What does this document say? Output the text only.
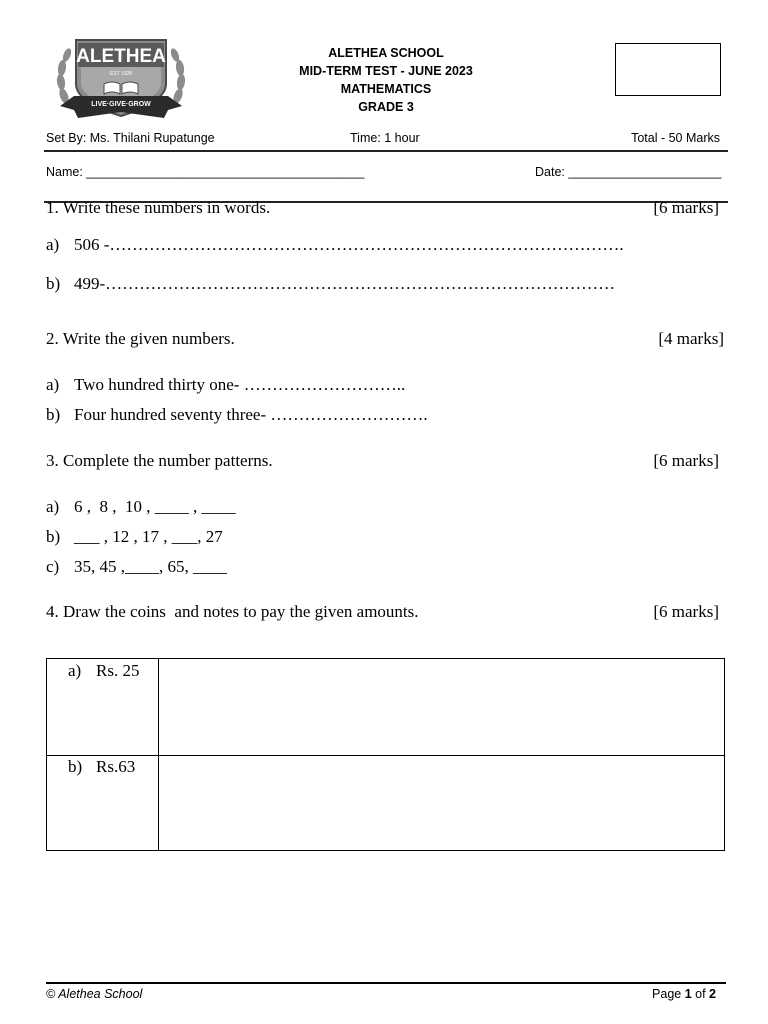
ALETHEA
EST 1928
LIVE·GIVE·GROW
ALETHEA SCHOOL
MID-TERM TEST - JUNE 2023
MATHEMATICS
GRADE 3
Set By: Ms. Thilani Rupatunge	Time: 1 hour	Total - 50 Marks
Name: ________________________________________	Date: ______________________
1. Write these numbers in words.	[6 marks]
a) 506 -……………………………………………………………………………….
b) 499-………………………………………………………………………………
2. Write the given numbers.	[4 marks]
a) Two hundred thirty one- ………………………..
b) Four hundred seventy three- ……………………….
3. Complete the number patterns.	[6 marks]
a) 6 ,  8 ,  10 , ____ , ____
b) ___ , 12 , 17 , ___, 27
c) 35, 45 ,____, 65, ____
4. Draw the coins  and notes to pay the given amounts.	[6 marks]
a) Rs. 25
b) Rs.63
© Alethea School	Page 1 of 2
